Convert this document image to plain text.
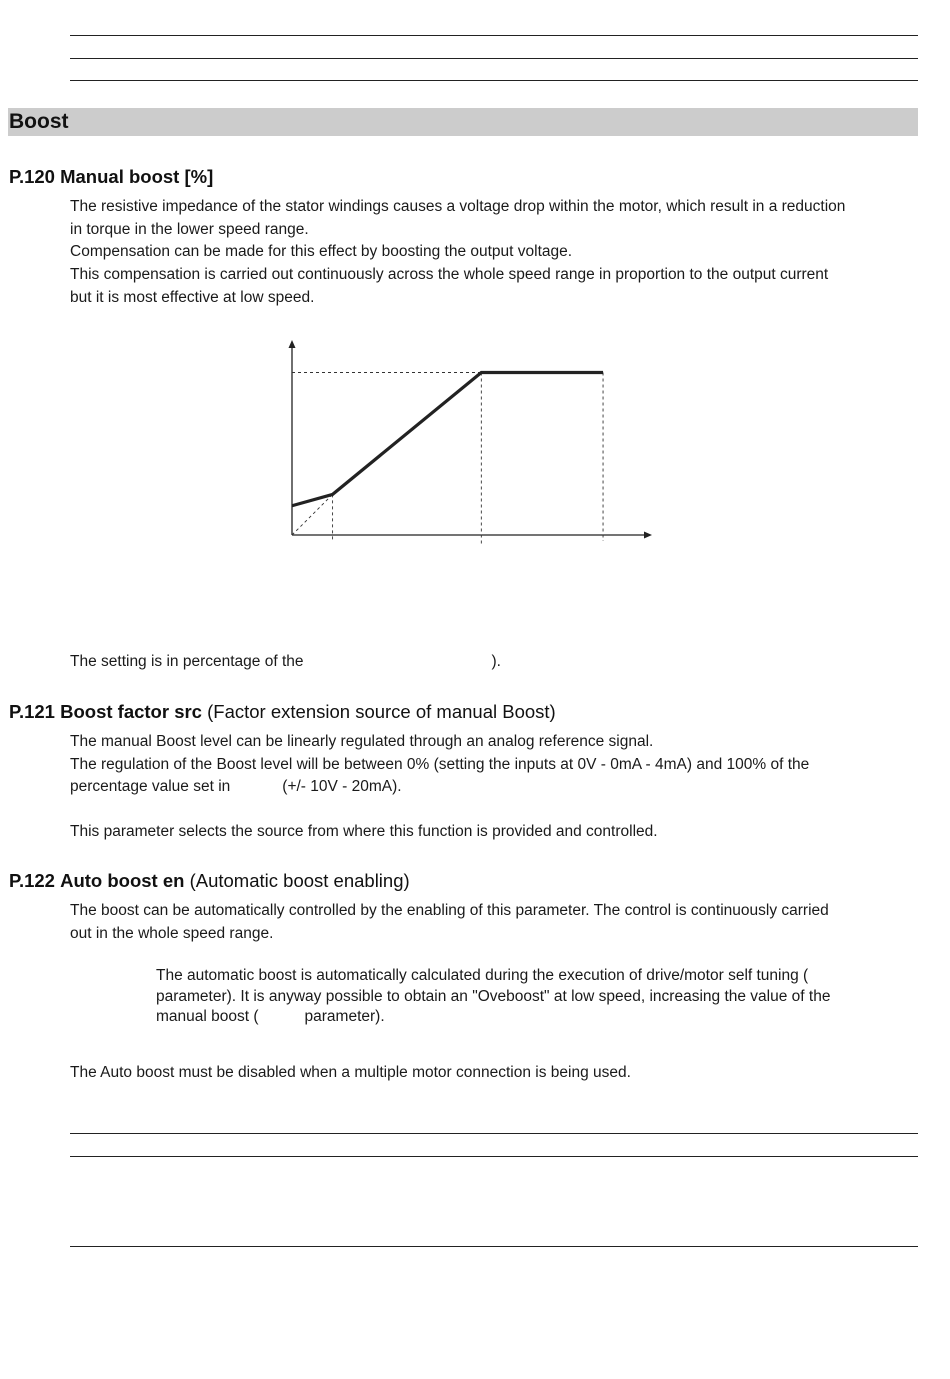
Boost
P.120 Manual boost [%]

The resistive impedance of the stator windings causes a voltage drop within the motor, which result in a reduction

in torque in the lower speed range.

Compensation can be made for this effect by boosting the output voltage.

This compensation is carried out continuously across the whole speed range in proportion to the output current

but it is most effective at low speed.

The setting is in percentage of the	).

P.121 Boost factor src (Factor extension source of manual Boost)

The manual Boost level can be linearly regulated through an analog reference signal.

The regulation of the Boost level will be between 0% (setting the inputs at 0V - 0mA - 4mA) and 100% of the

percentage value set in	(+/- 10V - 20mA).

This parameter selects the source from where this function is provided and controlled.

P.122 Auto boost en (Automatic boost enabling)

The boost can be automatically controlled by the enabling of this parameter. The control is continuously carried

out in the whole speed range.

The automatic boost is automatically calculated during the execution of drive/motor self tuning (

parameter). It is anyway possible to obtain an "Oveboost" at low speed, increasing the value of the

manual boost (	parameter).

The Auto boost must be disabled when a multiple motor connection is being used.
